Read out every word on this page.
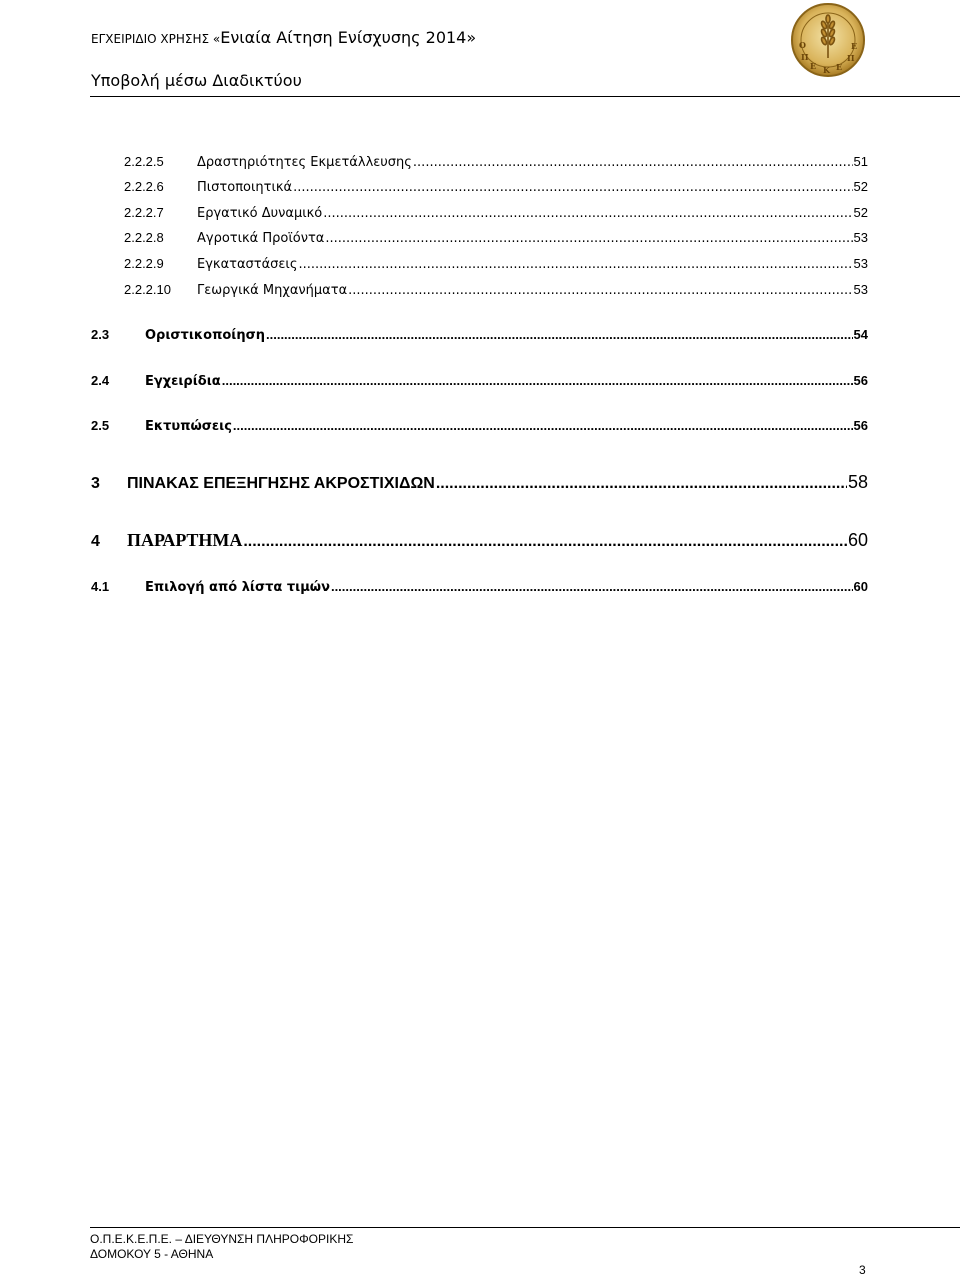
ΕΓΧΕΙΡΙΔΙΟ ΧΡΗΣΗΣ «Ενιαία Αίτηση Ενίσχυσης 2014»
Υποβολή μέσω Διαδικτύου
Ο
Π
Ε Κ Ε
Π
Ε
2.2.2.5	Δραστηριότητες Εκμετάλλευσης .....	51
2.2.2.6	Πιστοποιητικά .....	52
2.2.2.7	Εργατικό Δυναμικό .....	52
2.2.2.8	Αγροτικά Προϊόντα .....	53
2.2.2.9	Εγκαταστάσεις .....	53
2.2.2.10	Γεωργικά Μηχανήματα .....	53
2.3	Οριστικοποίηση .....	54
2.4	Εγχειρίδια .....	56
2.5	Εκτυπώσεις .....	56
3	ΠΙΝΑΚΑΣ ΕΠΕΞΗΓΗΣΗΣ ΑΚΡΟΣΤΙΧΙΔΩΝ .....	58
4	ΠΑΡΑΡΤΗΜΑ .....	60
4.1	Επιλογή από λίστα τιμών .....	60
Ο.Π.Ε.Κ.Ε.Π.Ε. – ΔΙΕΥΘΥΝΣΗ ΠΛΗΡΟΦΟΡΙΚΗΣ
ΔΟΜΟΚΟΥ 5 - ΑΘΗΝΑ
3
